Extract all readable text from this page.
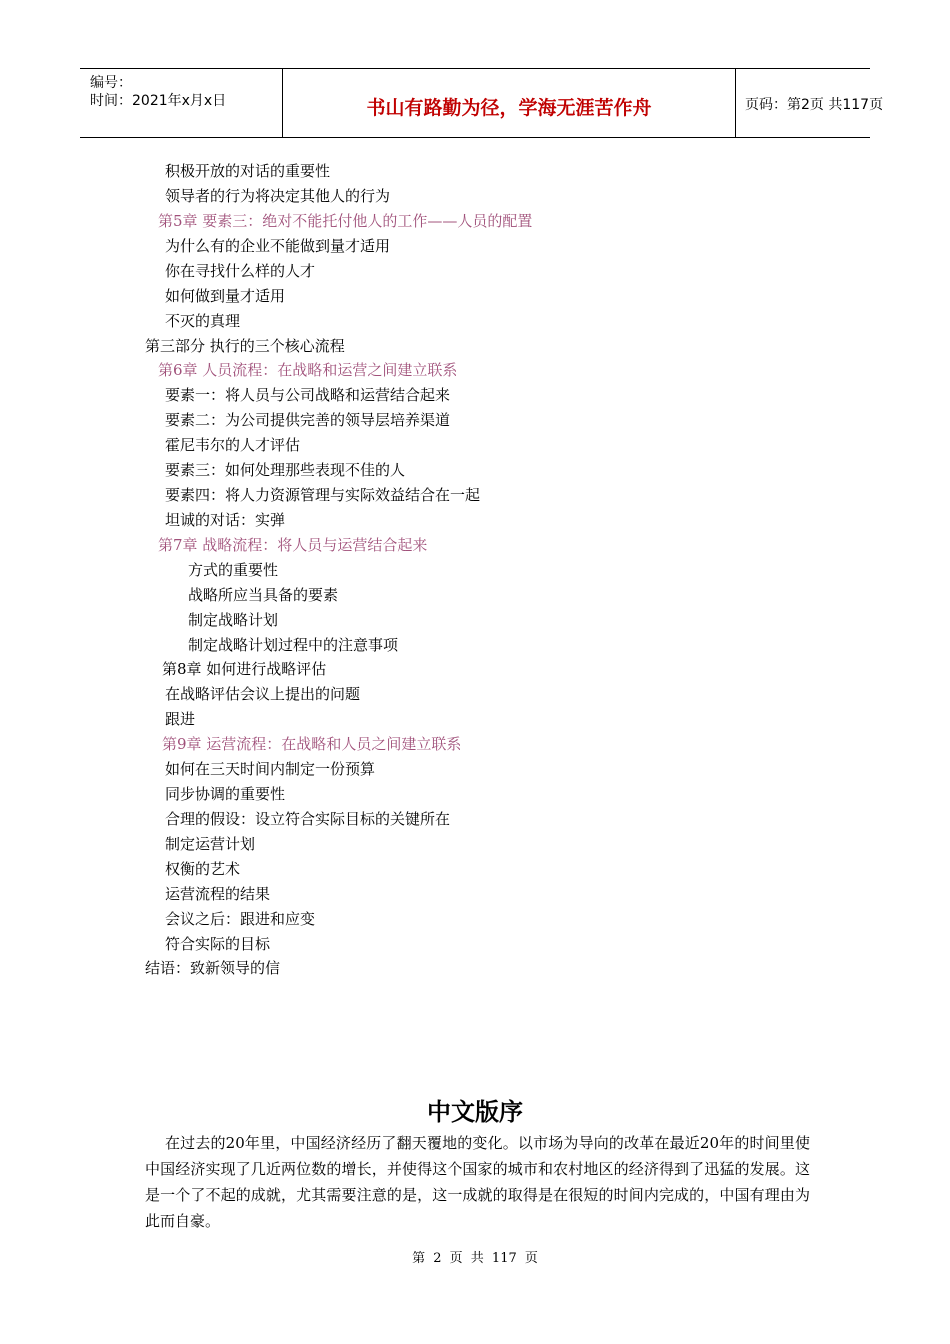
编号：
时间：2021年x月x日	书山有路勤为径，学海无涯苦作舟	页码：第2页 共117页
积极开放的对话的重要性
领导者的行为将决定其他人的行为
第5章 要素三：绝对不能托付他人的工作——人员的配置
为什么有的企业不能做到量才适用
你在寻找什么样的人才
如何做到量才适用
不灭的真理
第三部分 执行的三个核心流程
第6章 人员流程：在战略和运营之间建立联系
要素一：将人员与公司战略和运营结合起来
要素二：为公司提供完善的领导层培养渠道
霍尼韦尔的人才评估
要素三：如何处理那些表现不佳的人
要素四：将人力资源管理与实际效益结合在一起
坦诚的对话：实弹
第7章 战略流程：将人员与运营结合起来
方式的重要性
战略所应当具备的要素
制定战略计划
制定战略计划过程中的注意事项
第8章 如何进行战略评估
在战略评估会议上提出的问题
跟进
第9章 运营流程：在战略和人员之间建立联系
如何在三天时间内制定一份预算
同步协调的重要性
合理的假设：设立符合实际目标的关键所在
制定运营计划
权衡的艺术
运营流程的结果
会议之后：跟进和应变
符合实际的目标
结语：致新领导的信
中文版序
在过去的20年里，中国经济经历了翻天覆地的变化。以市场为导向的改革在最近20年的时间里使中国经济实现了几近两位数的增长，并使得这个国家的城市和农村地区的经济得到了迅猛的发展。这是一个了不起的成就，尤其需要注意的是，这一成就的取得是在很短的时间内完成的，中国有理由为此而自豪。
第 2 页 共 117 页
